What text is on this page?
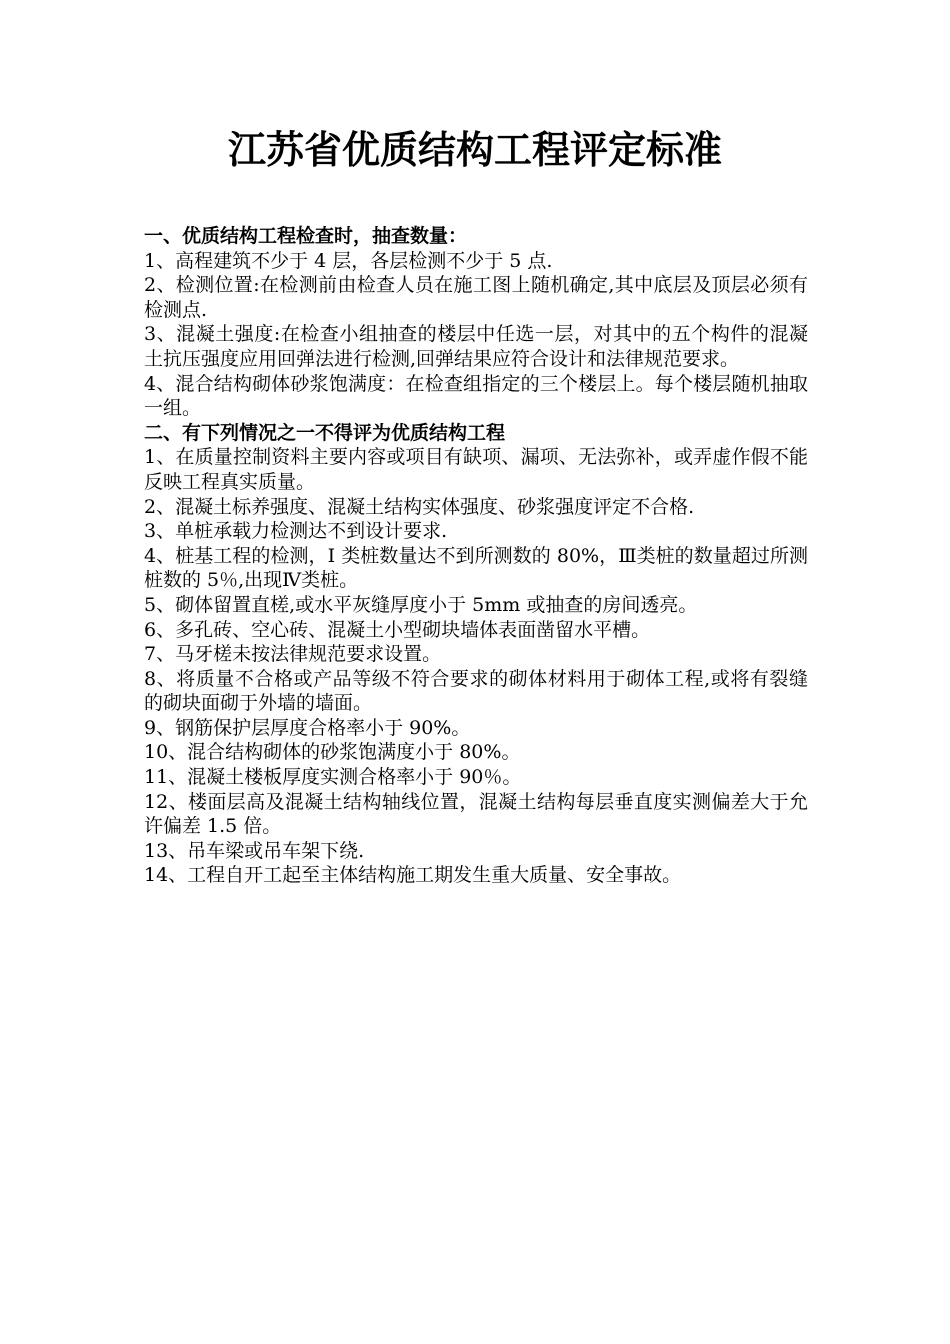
江苏省优质结构工程评定标准

一、优质结构工程检查时，抽查数量：

1、高程建筑不少于 4 层，各层检测不少于 5 点.

2、检测位置:在检测前由检查人员在施工图上随机确定,其中底层及顶层必须有检测点.

3、混凝土强度:在检查小组抽查的楼层中任选一层，对其中的五个构件的混凝土抗压强度应用回弹法进行检测,回弹结果应符合设计和法律规范要求。

4、混合结构砌体砂浆饱满度：在检查组指定的三个楼层上。每个楼层随机抽取一组。

二、有下列情况之一不得评为优质结构工程

1、在质量控制资料主要内容或项目有缺项、漏项、无法弥补，或弄虚作假不能反映工程真实质量。

2、混凝土标养强度、混凝土结构实体强度、砂浆强度评定不合格.

3、单桩承载力检测达不到设计要求.

4、桩基工程的检测，I 类桩数量达不到所测数的 80%，Ⅲ类桩的数量超过所测桩数的 5％,出现Ⅳ类桩。

5、砌体留置直槎,或水平灰缝厚度小于 5mm 或抽查的房间透亮。

6、多孔砖、空心砖、混凝土小型砌块墙体表面凿留水平槽。

7、马牙槎未按法律规范要求设置。

8、将质量不合格或产品等级不符合要求的砌体材料用于砌体工程,或将有裂缝的砌块面砌于外墙的墙面。

9、钢筋保护层厚度合格率小于 90%。

10、混合结构砌体的砂浆饱满度小于 80%。

11、混凝土楼板厚度实测合格率小于 90％。

12、楼面层高及混凝土结构轴线位置，混凝土结构每层垂直度实测偏差大于允许偏差 1.5 倍。

13、吊车梁或吊车架下绕.

14、工程自开工起至主体结构施工期发生重大质量、安全事故。
